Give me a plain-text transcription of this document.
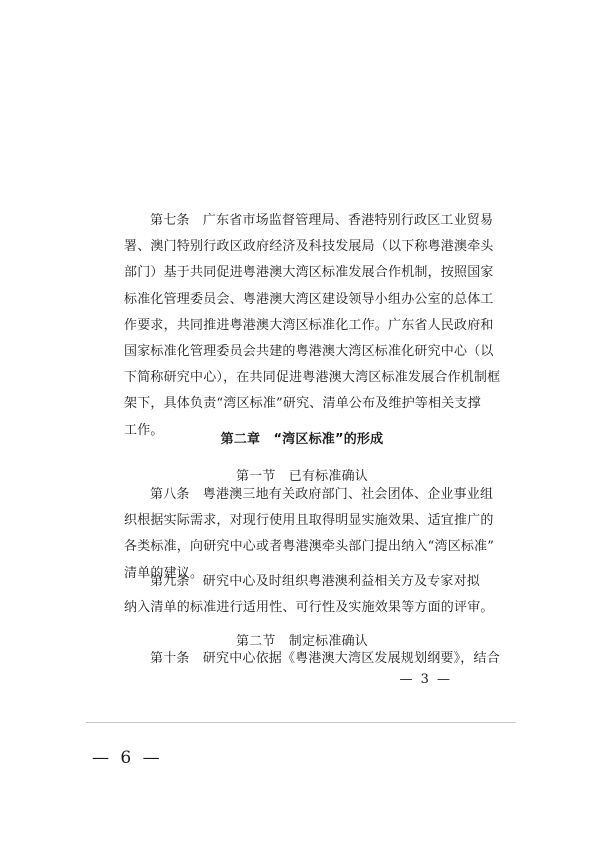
第七条　广东省市场监督管理局、香港特别行政区工业贸易
署、澳门特别行政区政府经济及科技发展局（以下称粤港澳牵头
部门）基于共同促进粤港澳大湾区标准发展合作机制，按照国家
标准化管理委员会、粤港澳大湾区建设领导小组办公室的总体工
作要求，共同推进粤港澳大湾区标准化工作。广东省人民政府和
国家标准化管理委员会共建的粤港澳大湾区标准化研究中心（以
下简称研究中心），在共同促进粤港澳大湾区标准发展合作机制框
架下，具体负责“湾区标准”研究、清单公布及维护等相关支撑
工作。
第二章　“湾区标准”的形成
第一节　已有标准确认
第八条　粤港澳三地有关政府部门、社会团体、企业事业组
织根据实际需求，对现行使用且取得明显实施效果、适宜推广的
各类标准，向研究中心或者粤港澳牵头部门提出纳入“湾区标准”
清单的建议。
第九条　研究中心及时组织粤港澳利益相关方及专家对拟
纳入清单的标准进行适用性、可行性及实施效果等方面的评审。
第二节　制定标准确认
第十条　研究中心依据《粤港澳大湾区发展规划纲要》，结合
— 3 —
— 6 —
